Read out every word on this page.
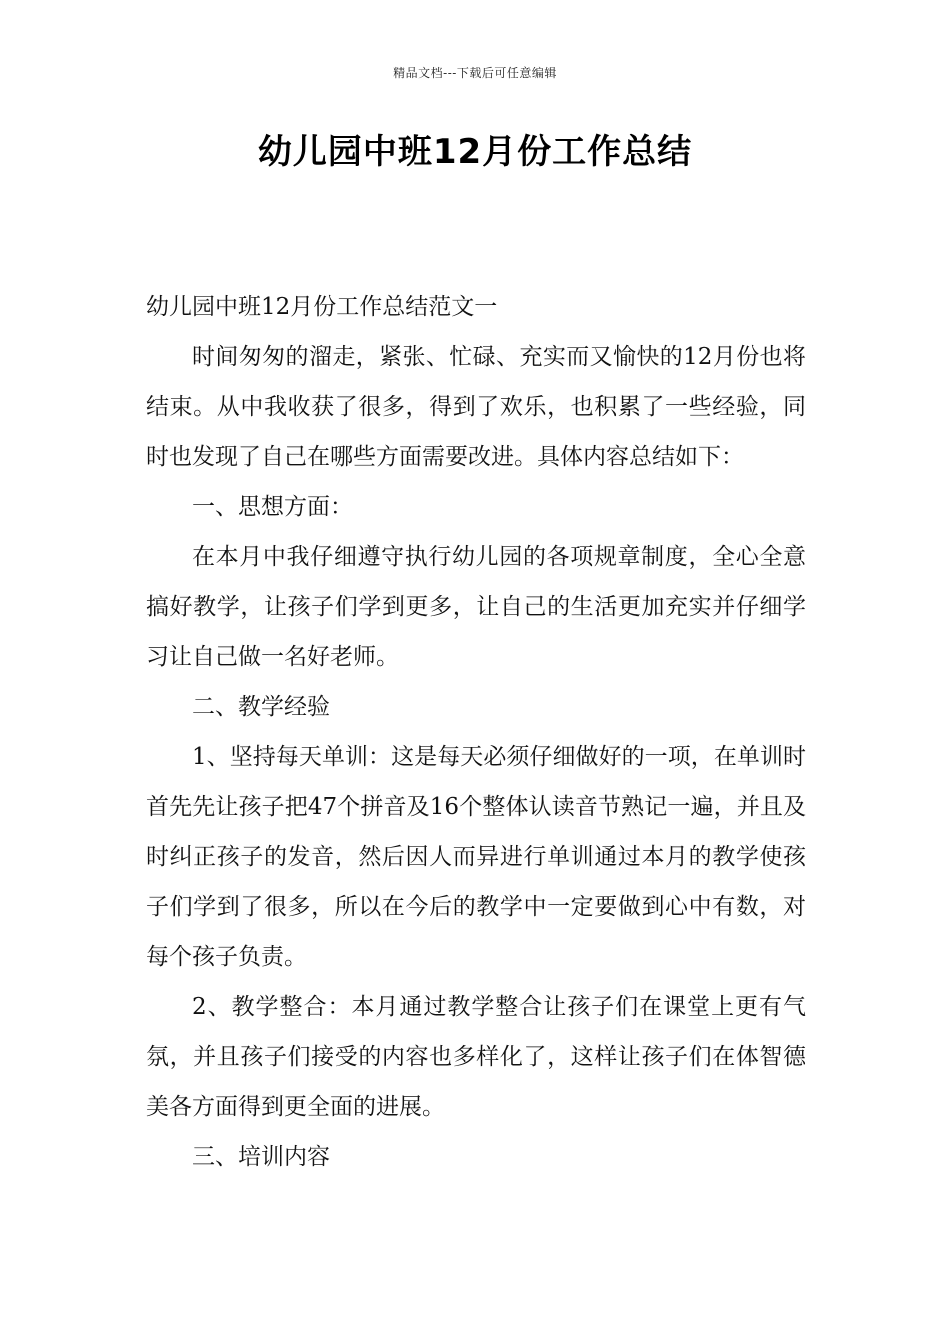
精品文档---下载后可任意编辑
幼儿园中班12月份工作总结

幼儿园中班12月份工作总结范文一

时间匆匆的溜走，紧张、忙碌、充实而又愉快的12月份也将结束。从中我收获了很多，得到了欢乐，也积累了一些经验，同时也发现了自己在哪些方面需要改进。具体内容总结如下：

一、思想方面：

在本月中我仔细遵守执行幼儿园的各项规章制度，全心全意搞好教学，让孩子们学到更多，让自己的生活更加充实并仔细学习让自己做一名好老师。

二、教学经验

1、坚持每天单训：这是每天必须仔细做好的一项，在单训时首先先让孩子把47个拼音及16个整体认读音节熟记一遍，并且及时纠正孩子的发音，然后因人而异进行单训通过本月的教学使孩子们学到了很多，所以在今后的教学中一定要做到心中有数，对每个孩子负责。

2、教学整合：本月通过教学整合让孩子们在课堂上更有气氛，并且孩子们接受的内容也多样化了，这样让孩子们在体智德美各方面得到更全面的进展。

三、培训内容
